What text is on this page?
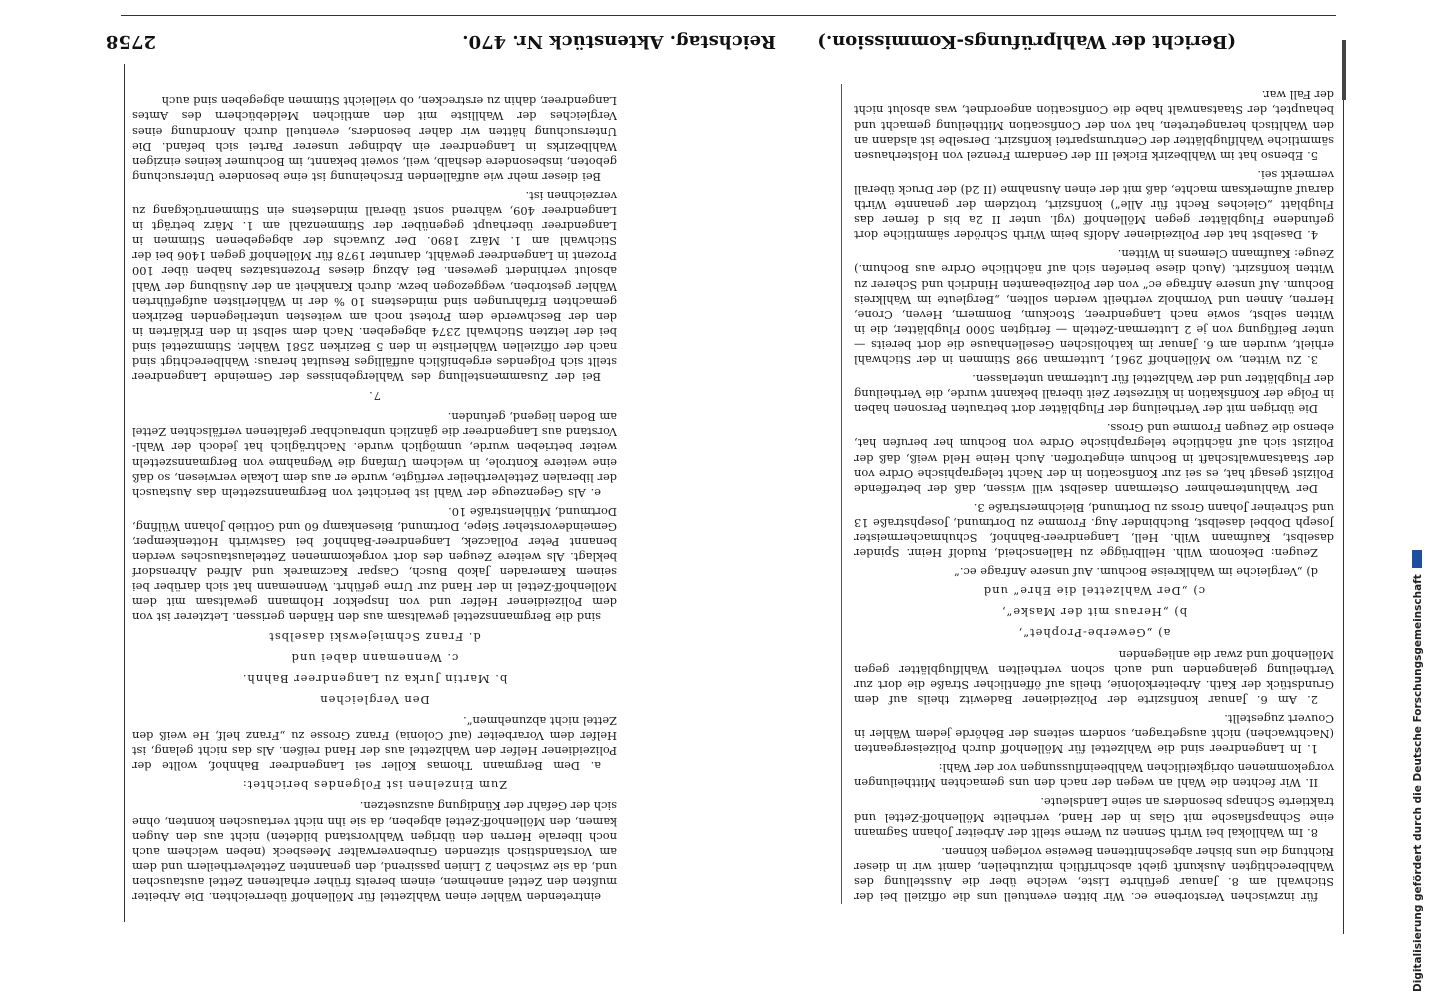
2758	Reichstag. Aktenstück Nr. 470. (Bericht der Wahlprüfungs-Kommission.)

eintretenden Wähler einen Wahlzettel für Möllenhoff überreichten. Die Arbeiter mußten den Zettel annehmen, einem bereits früher erhaltenen Zettel austauschen und, da sie zwischen 2 Linien passirend, den genannten Zettelvertheilern und dem am Vorstandstisch sitzenden Grubenverwalter Meesbeck (neben welchem auch noch liberale Herren den übrigen Wahlvorstand bildeten) nicht aus den Augen kamen, den Möllenhoff-Zettel abgeben, da sie ihn nicht vertauschen konnten, ohne sich der Gefahr der Kündigung auszusetzen.

Zum Einzelnen ist Folgendes berichtet:

a. Dem Bergmann Thomas Koller sei Langendreer Bahnhof, wollte der Polizeidiener Helfer den Wahlzettel aus der Hand reißen. Als das nicht gelang, ist Helfer dem Vorarbeiter (auf Colonia) Franz Grosse zu „Franz helf, He weiß den Zettel nicht abzunehmen“.

Den Vergleichen

b. Martin Jurka zu Langendreer Bahnh.

c. Wennemann dabei und

d. Franz Schmiejewski daselbst

sind die Bergmannszettel gewaltsam aus den Händen gerissen. Letzterer ist von dem Polizeidiener Helfer und von Inspektor Hohmann gewaltsam mit dem Möllenhoff-Zettel in der Hand zur Urne geführt. Wennemann hat sich darüber bei seinem Kameraden Jakob Busch, Caspar Kaczmarek und Alfred Ahrensdorf beklagt. Als weitere Zeugen des dort vorgekommenen Zettelaustausches werden benannt Peter Pollaczek, Langendreer-Bahnhof bei Gastwirth Hottenkemper, Gemeindevorsteher Siepe, Dortmund, Biesenkamp 60 und Gottlieb Johann Wülfing, Dortmund, Mühlenstraße 10.

e. Als Gegenzeuge der Wahl ist berichtet von Bergmannszetteln das Austausch der liberalen Zettelvertheiler verfügte, wurde er aus dem Lokale verwiesen, so daß eine weitere Kontrole, in welchem Umfang die Wegnahme von Bergmannszetteln weiter betrieben wurde, unmöglich wurde. Nachträglich hat jedoch der Wahl-Vorstand aus Langendreer die gänzlich unbrauchbar gefaltenen verfälschten Zettel am Boden liegend, gefunden.

7.

Bei der Zusammenstellung des Wahlergebnisses der Gemeinde Langendreer stellt sich Folgendes ergebnißlich auffälliges Resultat heraus: Wahlberechtigt sind nach der offiziellen Wählerliste in den 5 Bezirken 2581 Wähler. Stimmzettel sind bei der letzten Stichwahl 2374 abgegeben. Nach dem selbst in den Erklärten in den der Beschwerde dem Protest noch am weitesten unterliegenden Bezirken gemachten Erfahrungen sind mindestens 10 % der in Wählerlisten aufgeführten Wähler gestorben, weggezogen bezw. durch Krankheit an der Ausübung der Wahl absolut verhindert gewesen. Bei Abzug dieses Prozentsatzes haben über 100 Prozent in Langendreer gewählt, darunter 1978 für Möllenhoff gegen 1406 bei der Stichwahl am 1. März 1890. Der Zuwachs der abgegebenen Stimmen in Langendreer überhaupt gegenüber der Stimmenzahl am 1. März beträgt in Langendreer 409, während sonst überall mindestens ein Stimmenrückgang zu verzeichnen ist.

Bei dieser mehr wie auffallenden Erscheinung ist eine besondere Untersuchung geboten, insbesondere deshalb, weil, soweit bekannt, im Bochumer keines einzigen Wahlbezirks in Langendreer ein Abdinger unserer Partei sich befand. Die Untersuchung hätten wir daher besonders, eventuell durch Anordnung eines Vergleiches der Wahlliste mit den amtlichen Meldebüchern des Amtes Langendreer, dahin zu erstrecken, ob vielleicht Stimmen abgegeben sind auch

für inzwischen Verstorbene ec. Wir bitten eventuell uns die offiziell bei der Stichwahl am 8. Januar geführte Liste, welche über die Ausstellung des Wahlberechtigten Auskunft giebt abschriftlich mitzutheilen, damit wir in dieser Richtung die uns bisher abgeschnittenen Beweise vorlegen können.

8. Im Wahllokal bei Wirth Sennen zu Werne stellt der Arbeiter Johann Sagmann eine Schnapsflasche mit Glas in der Hand, vertheilte Möllenhoff-Zettel und traktierte Schnaps besonders an seine Landsleute.

II. Wir fechten die Wahl an wegen der nach den uns gemachten Mittheilungen vorgekommenen obrigkeitlichen Wahlbeeinflussungen vor der Wahl:

1. In Langendreer sind die Wahlzettel für Möllenhoff durch Polizeisergeanten (Nachtwachen) nicht ausgetragen, sondern seitens der Behörde jedem Wähler in Couvert zugestellt.

2. Am 6. Januar konfiszirte der Polizeidiener Badewitz theils auf dem Grundstück der Kath. Arbeiterkolonie, theils auf öffentlicher Straße die dort zur Vertheilung gelangenden und auch schon vertheilten Wahlflugblätter gegen Möllenhoff und zwar die anliegenden

a) „Gewerbe-Prophet“,

b) „Heraus mit der Maske“,

c) „Der Wahlzettel die Ehre“ und

d) „Vergleiche im Wahlkreise Bochum. Auf unsere Anfrage ec.“

Zeugen: Dekonom Wilh. Hellbrügge zu Hallenscheid, Rudolf Heinr. Spinder daselbst, Kaufmann Wilh. Hell, Langendreer-Bahnhof, Schuhmachermeister Joseph Dobbel daselbst, Buchbinder Aug. Fromme zu Dortmund, Josephstraße 13 und Schreiner Johann Gross zu Dortmund, Bleichmerstraße 3.

Der Wahlunternehmer Ostermann daselbst will wissen, daß der betreffende Polizist gesagt hat, es sei zur Konfiscation in der Nacht telegraphische Ordre von der Staatsanwaltschaft in Bochum eingetroffen. Auch Heine Held weiß, daß der Polizist sich auf nächtliche telegraphische Ordre von Bochum her berufen hat, ebenso die Zeugen Fromme und Gross.

Die übrigen mit der Vertheilung der Flugblätter dort betrauten Personen haben in Folge der Konfiskation in kürzester Zeit überall bekannt wurde, die Vertheilung der Flugblätter und der Wahlzettel für Lutterman unterlassen.

3. Zu Witten, wo Möllenhoff 2961, Lutterman 998 Stimmen in der Stichwahl erhielt, wurden am 6. Januar im katholischen Gesellenhause die dort bereits — unter Beifügung von je 2 Lutterman-Zetteln — fertigten 5000 Flugblätter, die in Witten selbst, sowie nach Langendreer, Stockum, Bommern, Heven, Crone, Herren, Annen und Vormholz vertheilt werden sollten, „Bergleute im Wahlkreis Bochum. Auf unsere Anfrage ec“ von der Polizeibeamten Hindrich und Scherer zu Witten konfiszirt. (Auch diese beriefen sich auf nächtliche Ordre aus Bochum.) Zeuge: Kaufmann Clemens in Witten.

4. Daselbst hat der Polizeidiener Adolfs beim Wirth Schröder sämmtliche dort gefundene Flugblätter gegen Möllenhoff (vgl. unter II 2a bis d ferner das Flugblatt „Gleiches Recht für Alle“) konfiszirt, trotzdem der genannte Wirth darauf aufmerksam machte, daß mit der einen Ausnahme (II 2d) der Druck überall vermerkt sei.

5. Ebenso hat im Wahlbezirk Eickel III der Gendarm Frenzel von Holsterhausen sämmtliche Wahlflugblätter der Centrumspartei konfiszirt. Derselbe ist alsdann an den Wahltisch herangetreten, hat von der Confiscation Mittheilung gemacht und behauptet, der Staatsanwalt habe die Confiscation angeordnet, was absolut nicht der Fall war.

Digitalisierung gefördert durch die Deutsche Forschungsgemeinschaft
